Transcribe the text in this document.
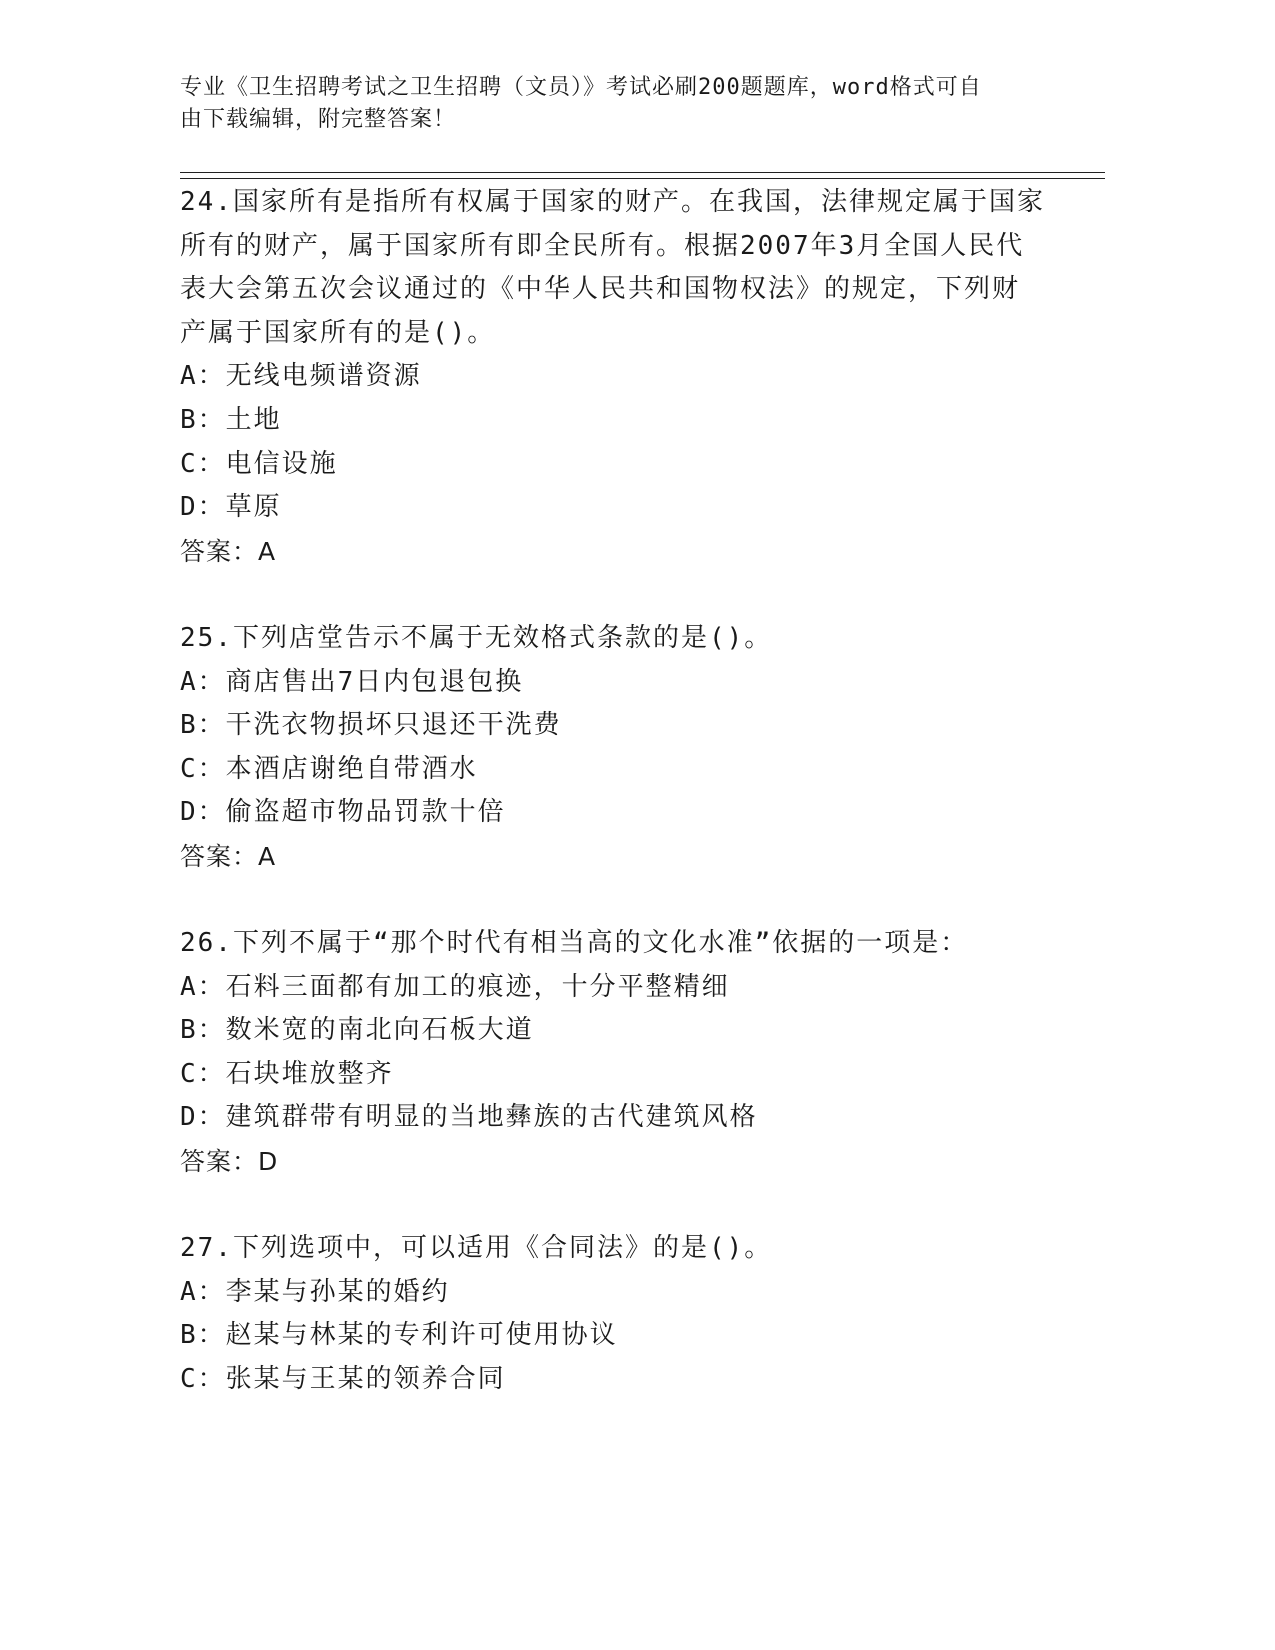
专业《卫生招聘考试之卫生招聘（文员）》考试必刷200题题库，word格式可自
由下载编辑，附完整答案！
24.国家所有是指所有权属于国家的财产。在我国，法律规定属于国家
所有的财产，属于国家所有即全民所有。根据2007年3月全国人民代
表大会第五次会议通过的《中华人民共和国物权法》的规定，下列财
产属于国家所有的是()。
A：无线电频谱资源
B：土地
C：电信设施
D：草原
答案：A
25.下列店堂告示不属于无效格式条款的是()。
A：商店售出7日内包退包换
B：干洗衣物损坏只退还干洗费
C：本酒店谢绝自带酒水
D：偷盗超市物品罚款十倍
答案：A
26.下列不属于“那个时代有相当高的文化水准”依据的一项是：
A：石料三面都有加工的痕迹，十分平整精细
B：数米宽的南北向石板大道
C：石块堆放整齐
D：建筑群带有明显的当地彝族的古代建筑风格
答案：D
27.下列选项中，可以适用《合同法》的是()。
A：李某与孙某的婚约
B：赵某与林某的专利许可使用协议
C：张某与王某的领养合同
